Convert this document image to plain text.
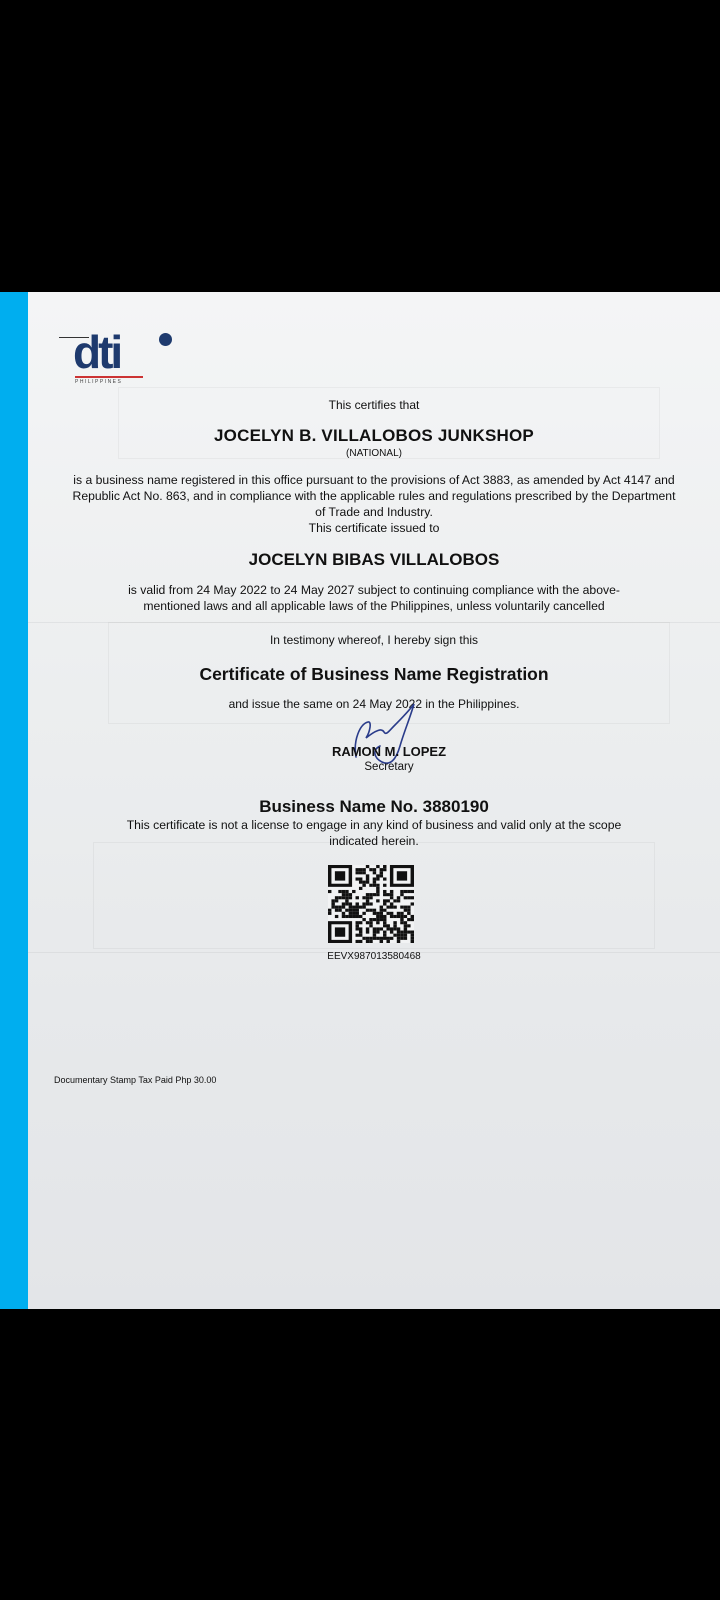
dti
PHILIPPINES
This certifies that
JOCELYN B. VILLALOBOS JUNKSHOP
(NATIONAL)
is a business name registered in this office pursuant to the provisions of Act 3883, as amended by Act 4147 and Republic Act No. 863, and in compliance with the applicable rules and regulations prescribed by the Department of Trade and Industry.
This certificate issued to
JOCELYN BIBAS VILLALOBOS
is valid from 24 May 2022 to 24 May 2027 subject to continuing compliance with the above-mentioned laws and all applicable laws of the Philippines, unless voluntarily cancelled
In testimony whereof, I hereby sign this
Certificate of Business Name Registration
and issue the same on 24 May 2022 in the Philippines.
RAMON M. LOPEZ
Secretary
Business Name No. 3880190
This certificate is not a license to engage in any kind of business and valid only at the scope indicated herein.
EEVX987013580468
Documentary Stamp Tax Paid Php 30.00
